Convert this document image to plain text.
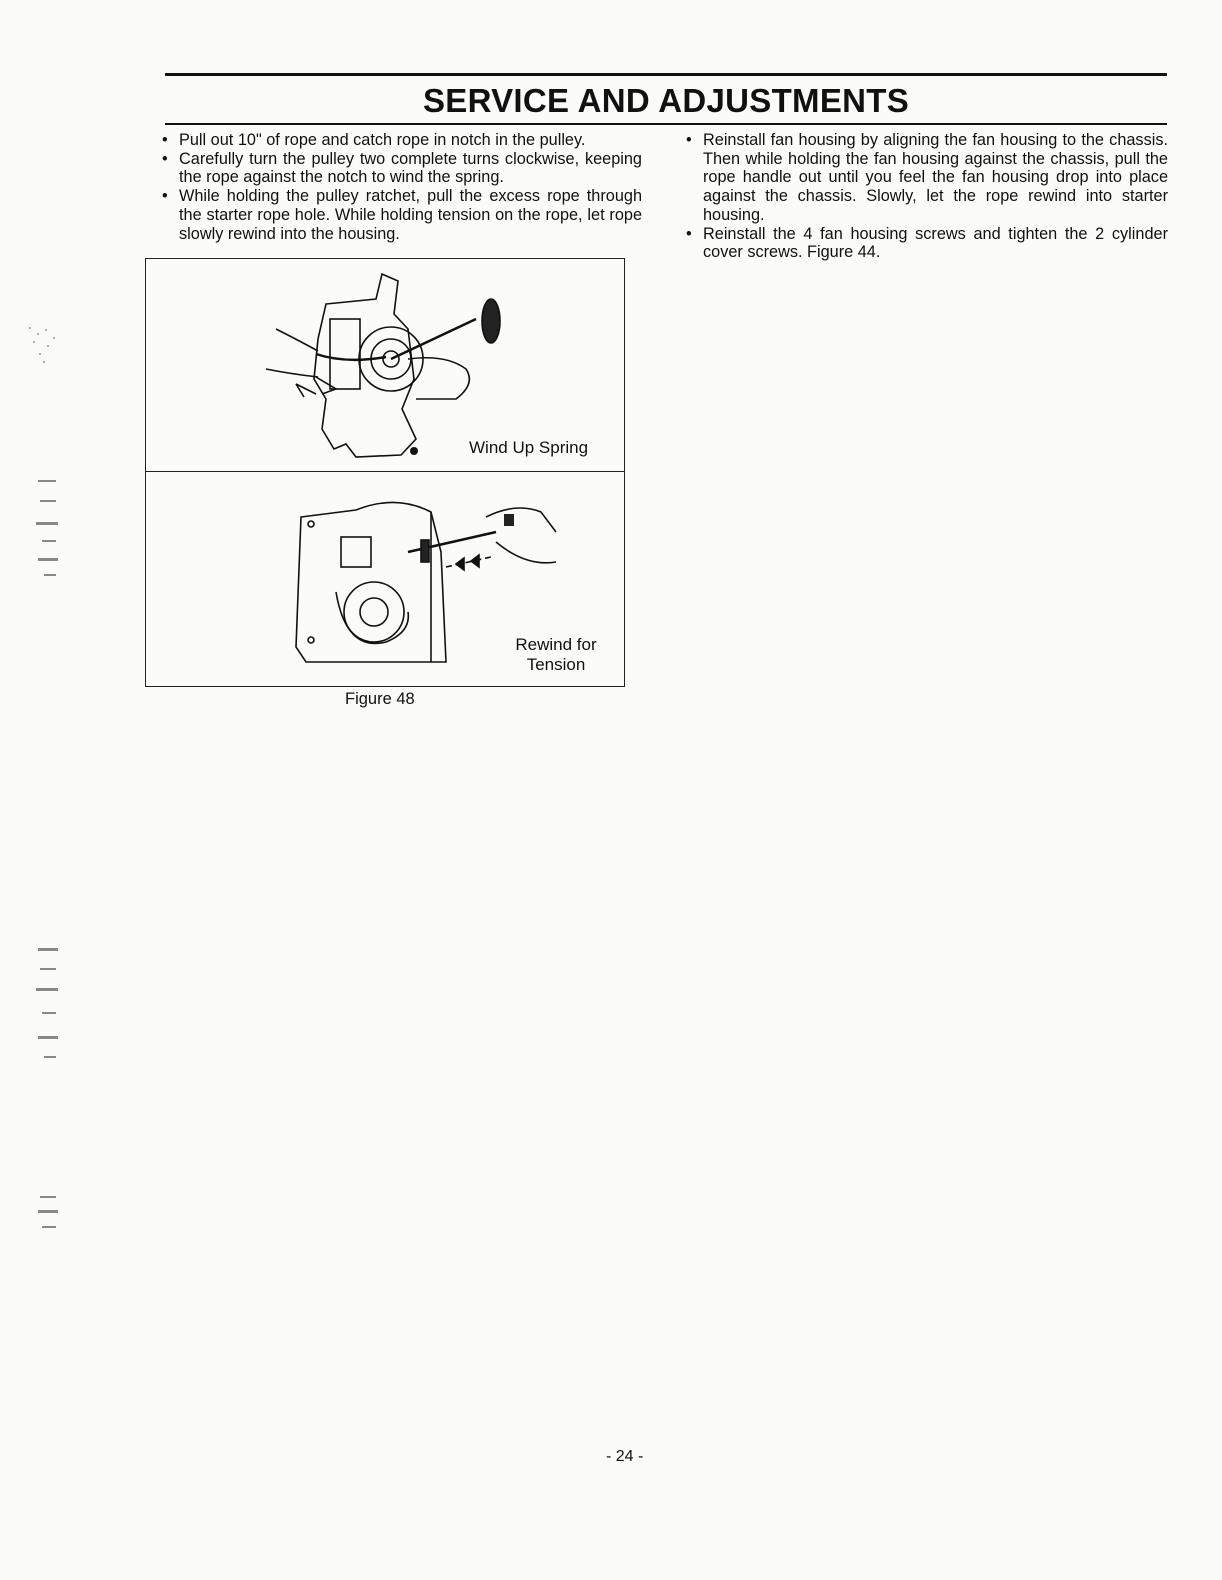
SERVICE AND ADJUSTMENTS
• Pull out 10" of rope and catch rope in notch in the pulley.
• Carefully turn the pulley two complete turns clockwise, keeping the rope against the notch to wind the spring.
• While holding the pulley ratchet, pull the excess rope through the starter rope hole. While holding tension on the rope, let rope slowly rewind into the housing.
• Reinstall fan housing by aligning the fan housing to the chassis. Then while holding the fan housing against the chassis, pull the rope handle out until you feel the fan housing drop into place against the chassis. Slowly, let the rope rewind into starter housing.
• Reinstall the 4 fan housing screws and tighten the 2 cylinder cover screws. Figure 44.
Wind Up Spring
Rewind for
Tension
Figure 48
- 24 -
